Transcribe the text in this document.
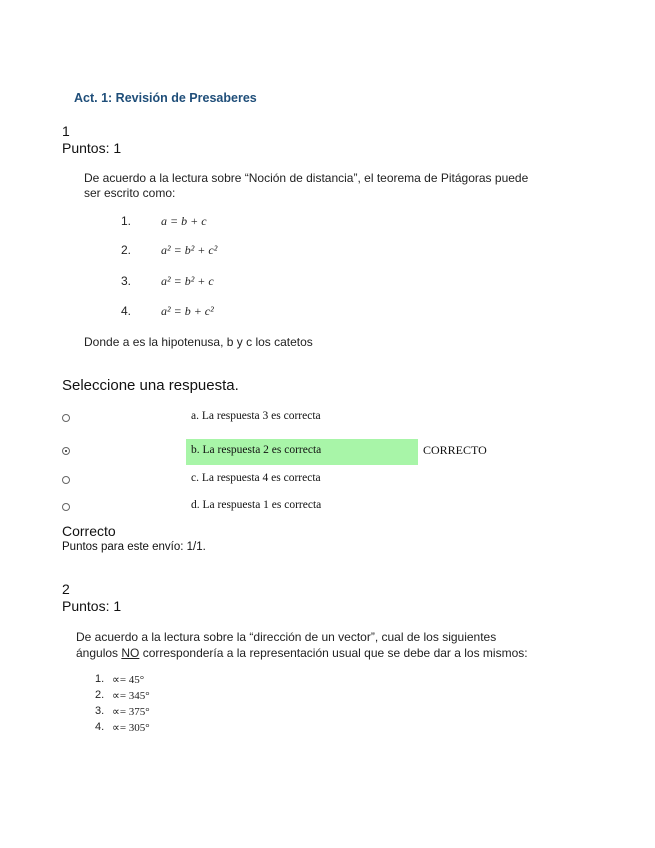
Act. 1: Revisión de Presaberes
1
Puntos: 1
De acuerdo a la lectura sobre “Noción de distancia”, el teorema de Pitágoras puede
ser escrito como:
1. a = b + c
2. a² = b² + c²
3. a² = b² + c
4. a² = b + c²
Donde a es la hipotenusa, b y c los catetos
Seleccione una respuesta.
a. La respuesta 3 es correcta
b. La respuesta 2 es correcta	CORRECTO
c. La respuesta 4 es correcta
d. La respuesta 1 es correcta
Correcto
Puntos para este envío: 1/1.
2
Puntos: 1
De acuerdo a la lectura sobre la “dirección de un vector”, cual de los siguientes
ángulos NO correspondería a la representación usual que se debe dar a los mismos:
1. ∝= 45°
2. ∝= 345°
3. ∝= 375°
4. ∝= 305°
